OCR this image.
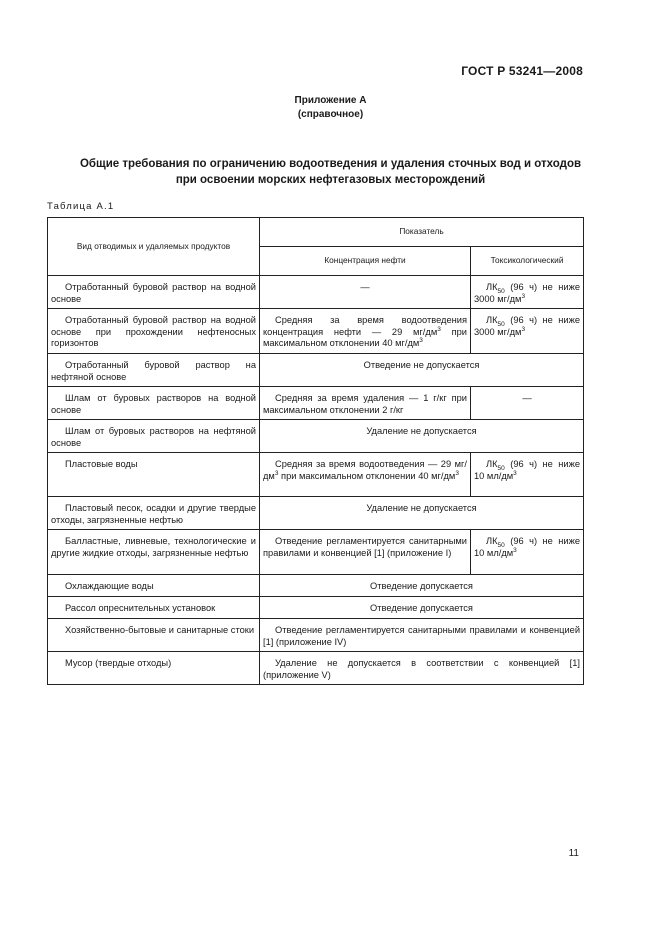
ГОСТ Р 53241—2008
Приложение А
(справочное)
Общие требования по ограничению водоотведения и удаления сточных вод и отходов
при освоении морских нефтегазовых месторождений
Таблица А.1
Вид отводимых и удаляемых продуктов	Показатель	
	Концентрация нефти	Токсикологический
Отработанный буровой раствор на водной основе	—	$ЛК_{50}$ (96 ч) не ниже 3000 $мг/дм^3$
Отработанный буровой раствор на водной основе при прохождении нефтеносных горизонтов	Средняя за время водоотведения концентрация нефти — 29 $мг/дм^3$ при максимальном отклонении 40 $мг/дм^3$	$ЛК_{50}$ (96 ч) не ниже 3000 $мг/дм^3$
Отработанный буровой раствор на нефтяной основе	Отведение не допускается	
Шлам от буровых растворов на водной основе	Средняя за время удаления — 1 г/кг при максимальном отклонении 2 г/кг	—
Шлам от буровых растворов на нефтяной основе	Удаление не допускается	
Пластовые воды	Средняя за время водоотведения — 29 $мг/дм^3$ при максимальном отклонении 40 $мг/дм^3$	$ЛК_{50}$ (96 ч) не ниже 10 $мл/дм^3$
Пластовый песок, осадки и другие твердые отходы, загрязненные нефтью	Удаление не допускается	
Балластные, ливневые, технологические и другие жидкие отходы, загрязненные нефтью	Отведение регламентируется санитарными правилами и конвенцией [1] (приложение I)	$ЛК_{50}$ (96 ч) не ниже 10 $мл/дм^3$
Охлаждающие воды	Отведение допускается	
Рассол опреснительных установок	Отведение допускается	
Хозяйственно-бытовые и санитарные стоки	Отведение регламентируется санитарными правилами и конвенцией [1] (приложение IV)	
Мусор (твердые отходы)	Удаление не допускается в соответствии с конвенцией [1] (приложение V)	
11
